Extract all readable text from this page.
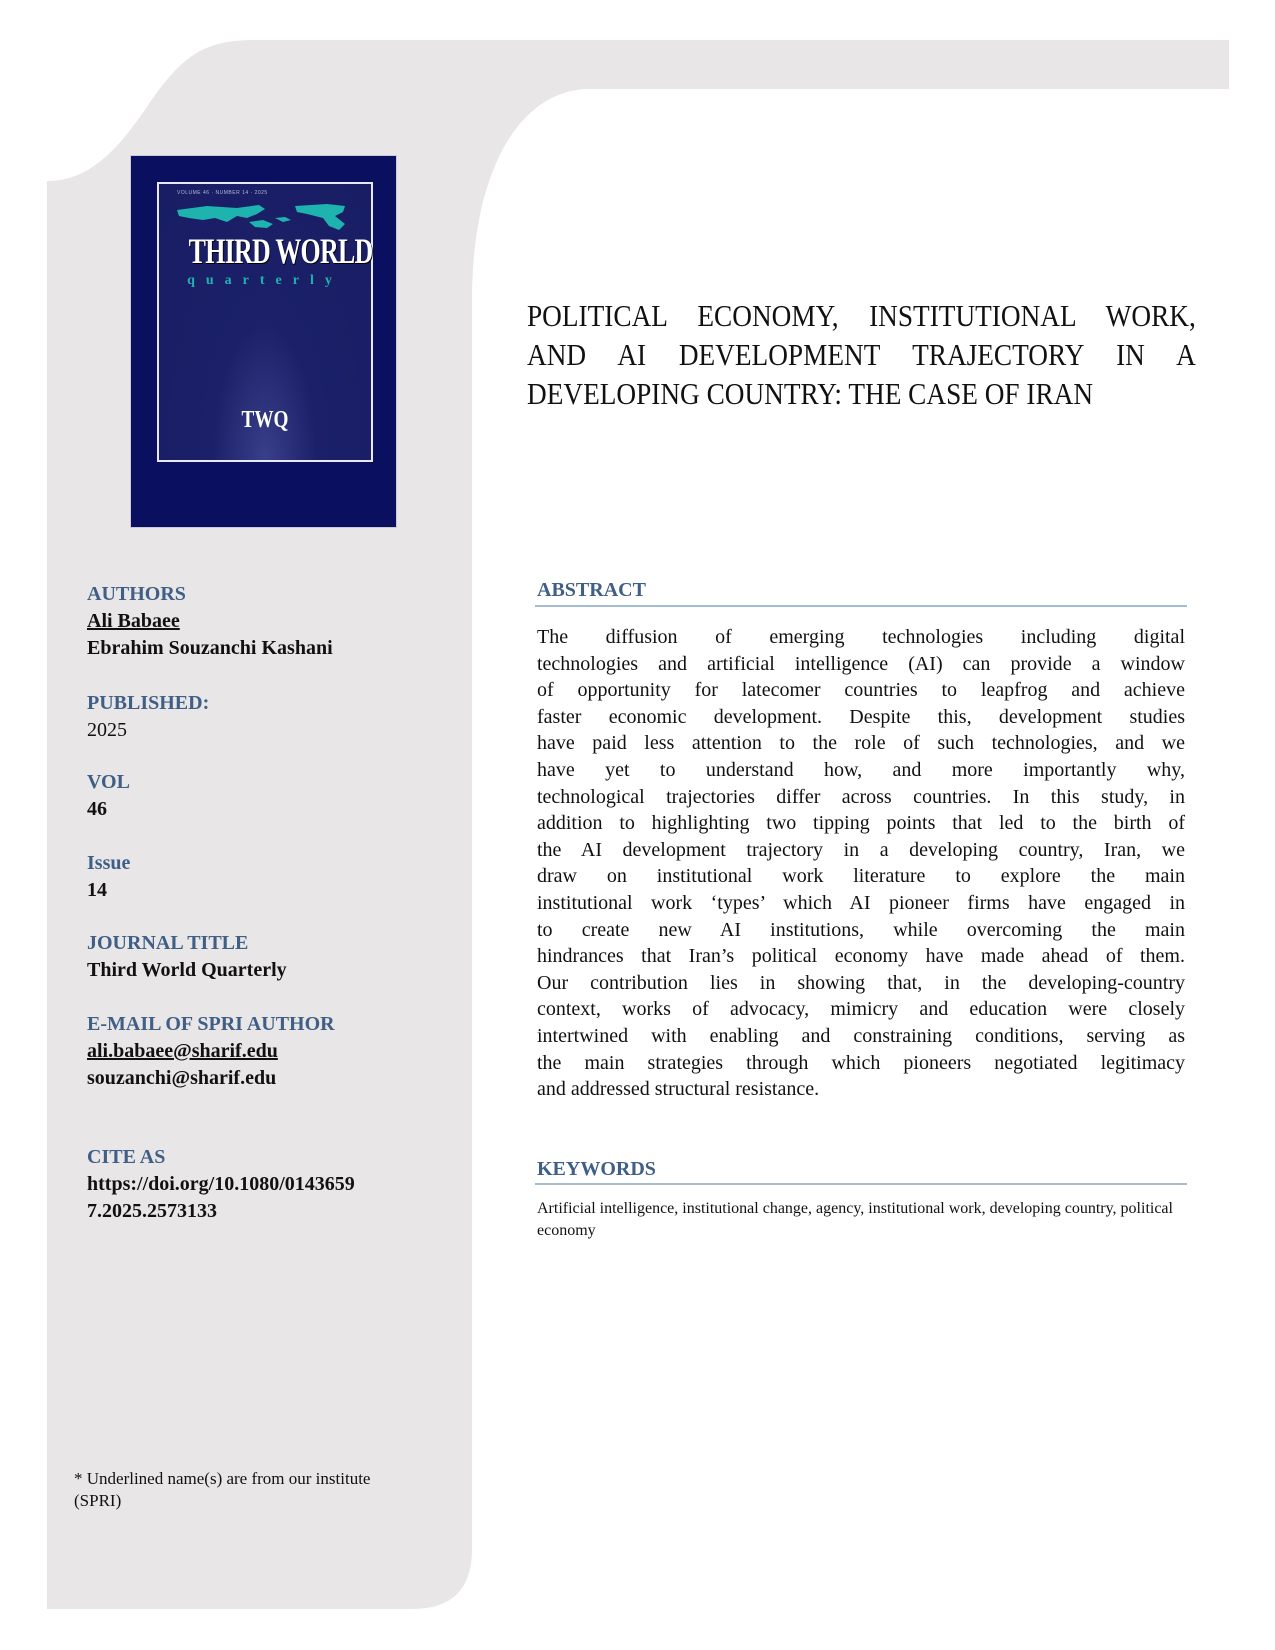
VOLUME 46 · NUMBER 14 · 2025
THIRD WORLD
quarterly
TWQ
POLITICAL ECONOMY, INSTITUTIONAL WORK,
AND AI DEVELOPMENT TRAJECTORY IN A
DEVELOPING COUNTRY: THE CASE OF IRAN
AUTHORS
Ali Babaee
Ebrahim Souzanchi Kashani
PUBLISHED:
2025
VOL
46
Issue
14
JOURNAL TITLE
Third World Quarterly
E-MAIL OF SPRI AUTHOR
ali.babaee@sharif.edu
souzanchi@sharif.edu
CITE AS
https://doi.org/10.1080/0143659
7.2025.2573133
* Underlined name(s) are from our institute
(SPRI)
ABSTRACT
The diffusion of emerging technologies including digital
technologies and artificial intelligence (AI) can provide a window
of opportunity for latecomer countries to leapfrog and achieve
faster economic development. Despite this, development studies
have paid less attention to the role of such technologies, and we
have yet to understand how, and more importantly why,
technological trajectories differ across countries. In this study, in
addition to highlighting two tipping points that led to the birth of
the AI development trajectory in a developing country, Iran, we
draw on institutional work literature to explore the main
institutional work ‘types’ which AI pioneer firms have engaged in
to create new AI institutions, while overcoming the main
hindrances that Iran’s political economy have made ahead of them.
Our contribution lies in showing that, in the developing-country
context, works of advocacy, mimicry and education were closely
intertwined with enabling and constraining conditions, serving as
the main strategies through which pioneers negotiated legitimacy
and addressed structural resistance.
KEYWORDS
Artificial intelligence, institutional change, agency, institutional work, developing country, political economy
